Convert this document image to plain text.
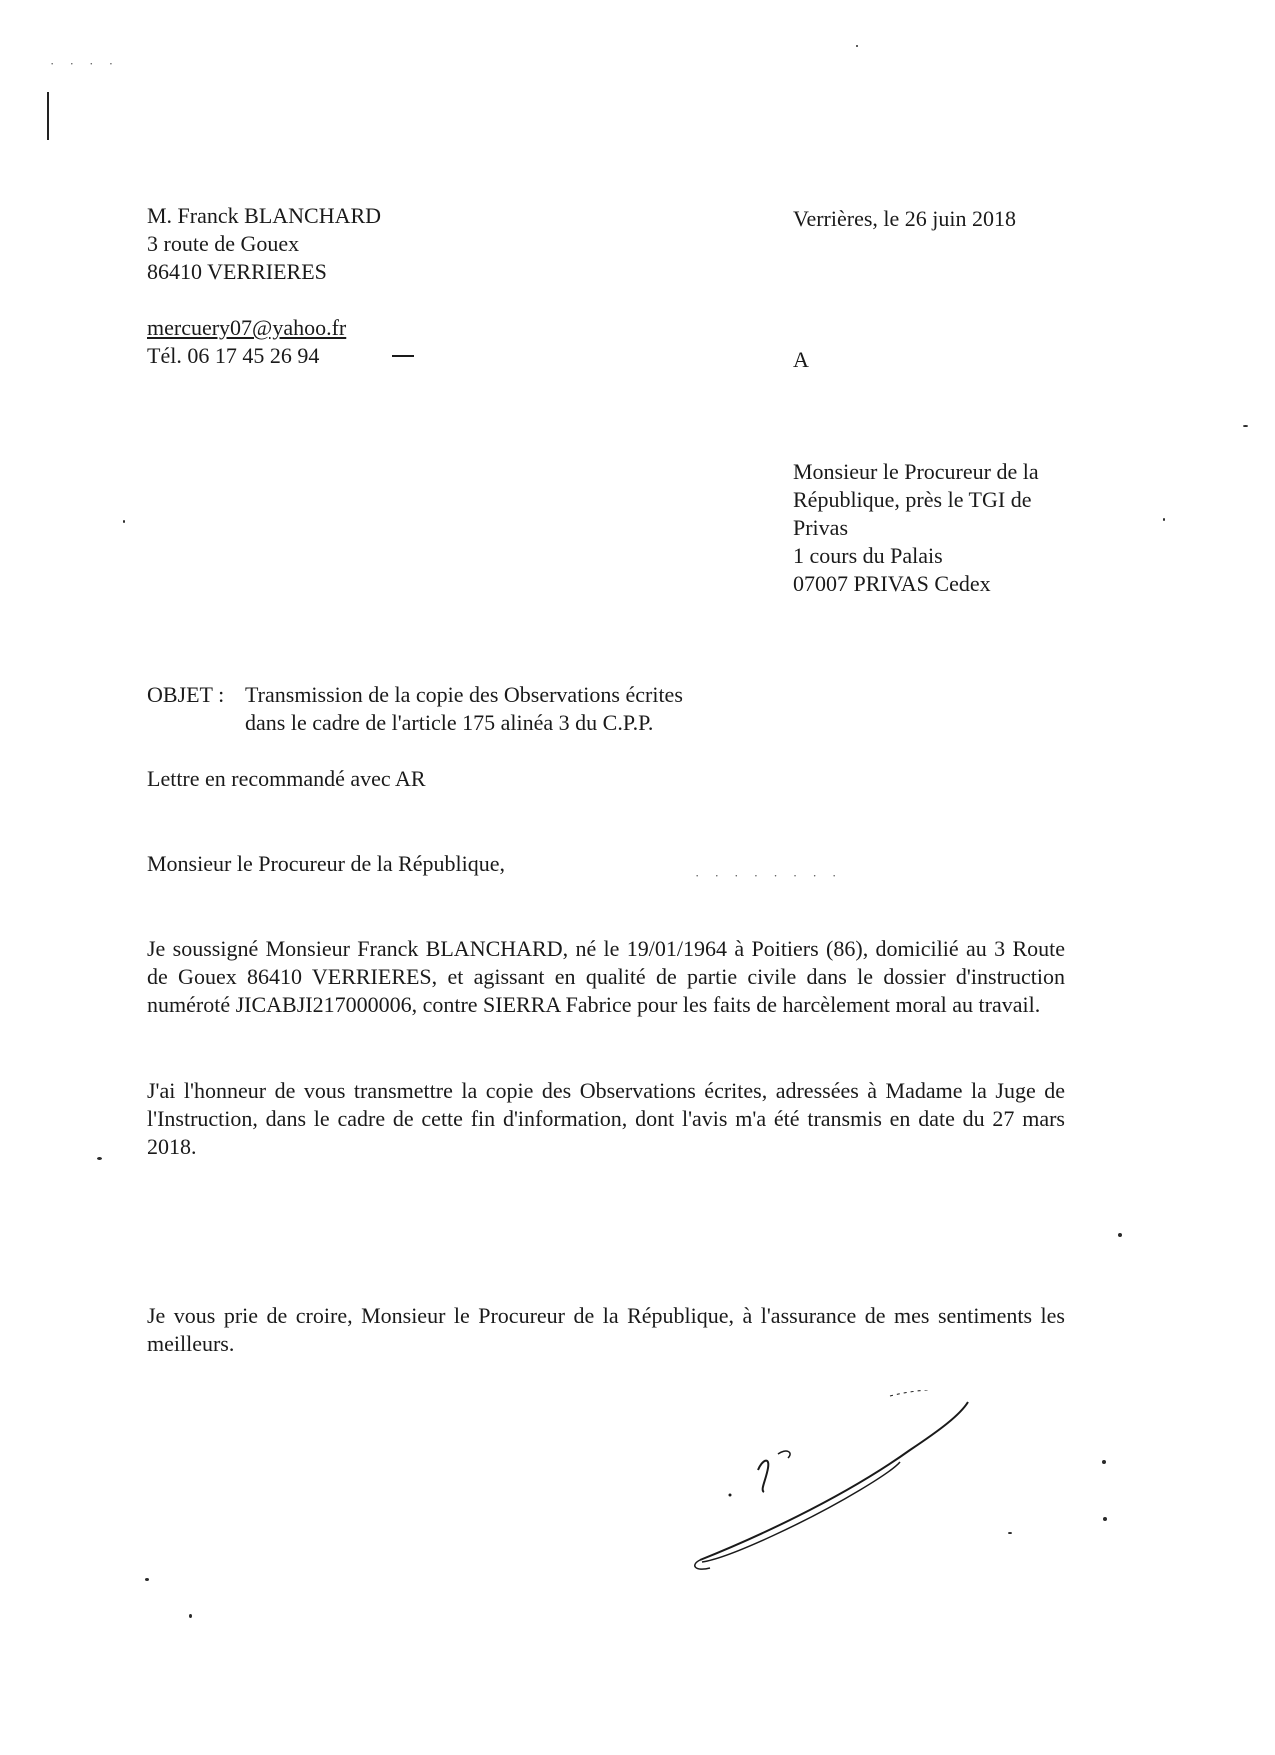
· · · ·
M. Franck BLANCHARD
3 route de Gouex
86410 VERRIERES
mercuery07@yahoo.fr
Tél. 06 17 45 26 94
Verrières, le 26 juin 2018
A
Monsieur le Procureur de la
République, près le TGI de
Privas
1 cours du Palais
07007 PRIVAS Cedex
OBJET : Transmission de la copie des Observations écrites
dans le cadre de l'article 175 alinéa 3 du C.P.P.
Lettre en recommandé avec AR
Monsieur le Procureur de la République,	· · · · · · · ·
Je soussigné Monsieur Franck BLANCHARD, né le 19/01/1964 à Poitiers (86), domicilié au 3 Route de Gouex 86410 VERRIERES, et agissant en qualité de partie civile dans le dossier d'instruction numéroté JICABJI217000006, contre SIERRA Fabrice pour les faits de harcèlement moral au travail.
J'ai l'honneur de vous transmettre la copie des Observations écrites, adressées à Madame la Juge de l'Instruction, dans le cadre de cette fin d'information, dont l'avis m'a été transmis en date du 27 mars 2018.
Je vous prie de croire, Monsieur le Procureur de la République, à l'assurance de mes sentiments les meilleurs.
